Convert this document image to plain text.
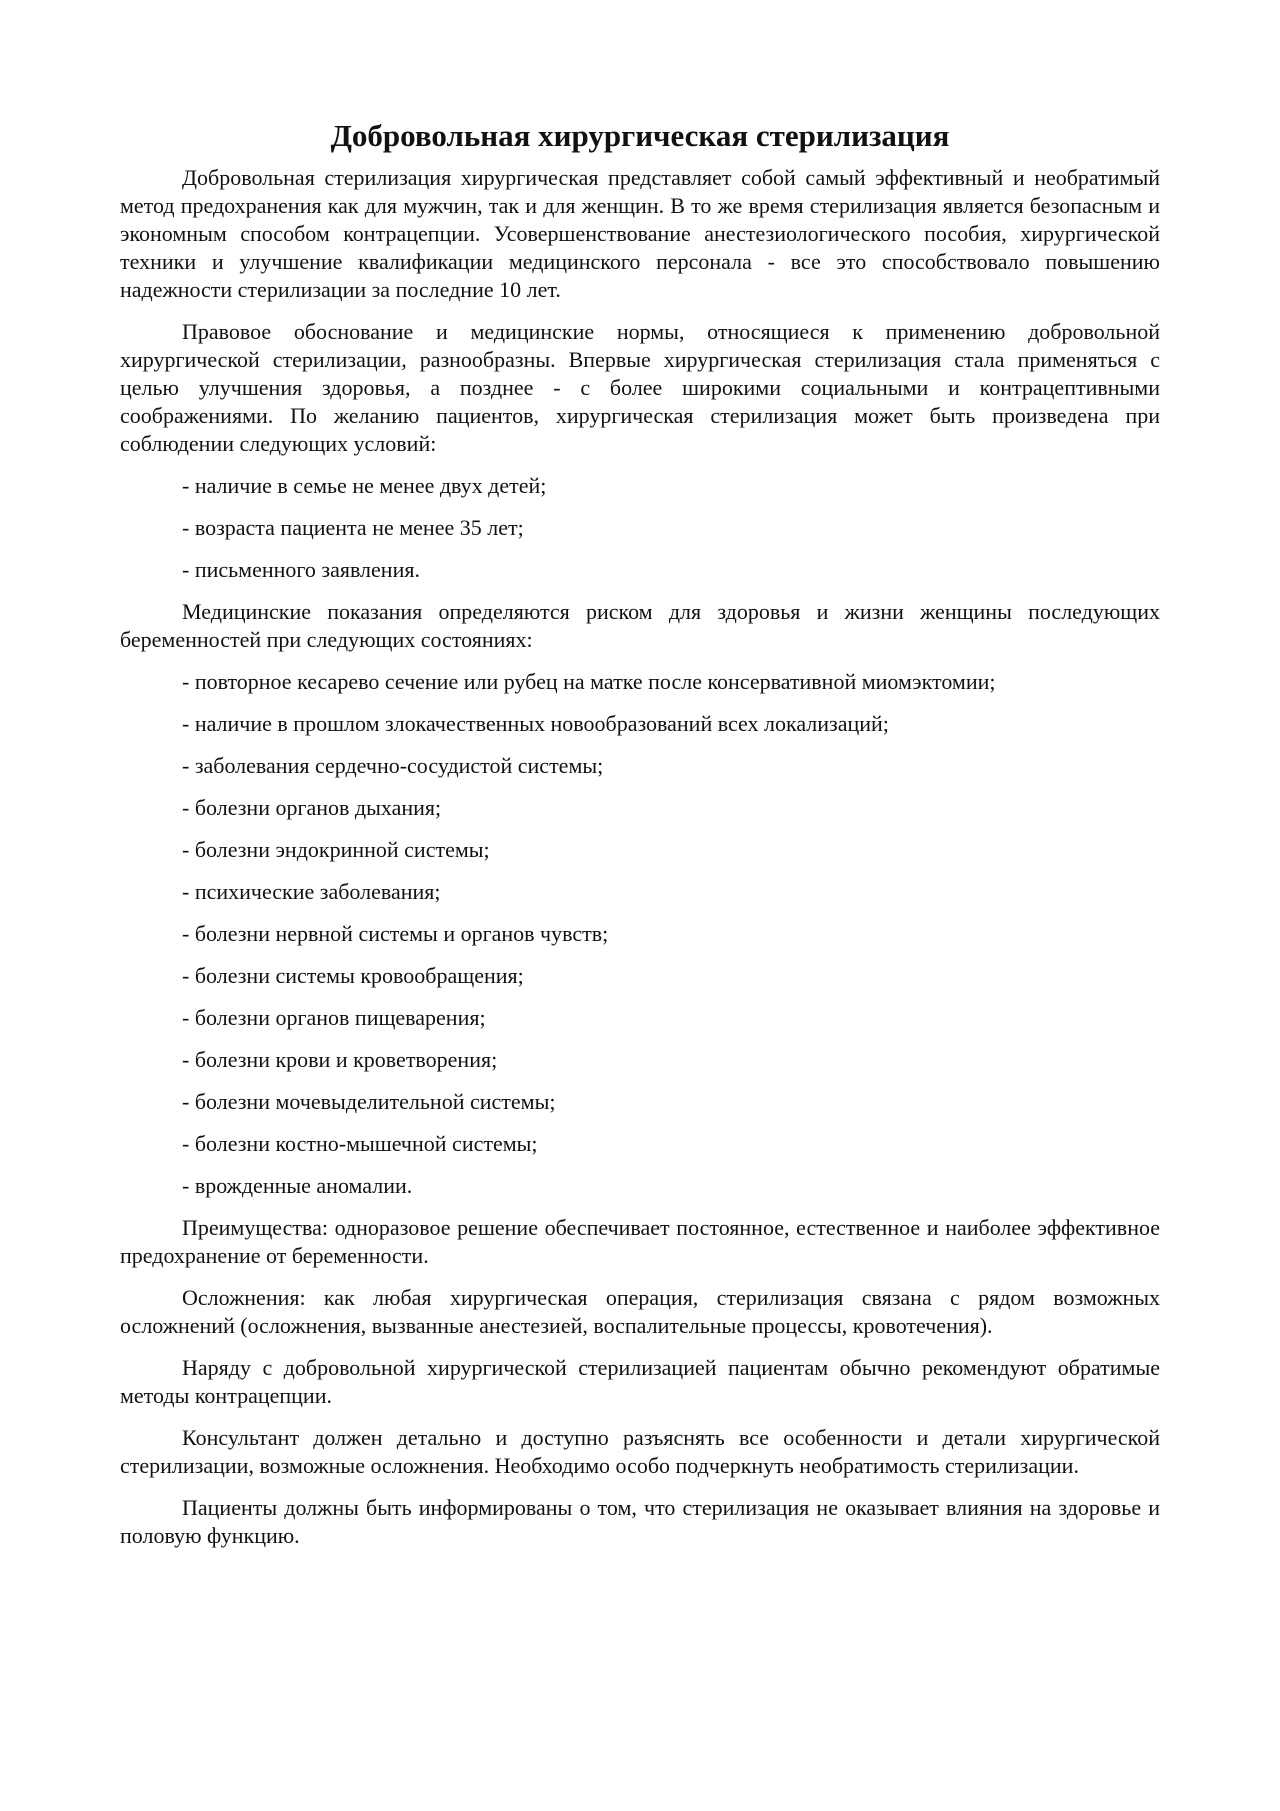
Добровольная хирургическая стерилизация

Добровольная стерилизация хирургическая представляет собой самый эффективный и необратимый метод предохранения как для мужчин, так и для женщин. В то же время стерилизация является безопасным и экономным способом контрацепции. Усовершенствование анестезиологического пособия, хирургической техники и улучшение квалификации медицинского персонала - все это способствовало повышению надежности стерилизации за последние 10 лет.

Правовое обоснование и медицинские нормы, относящиеся к применению добровольной хирургической стерилизации, разнообразны. Впервые хирургическая стерилизация стала применяться с целью улучшения здоровья, а позднее - с более широкими социальными и контрацептивными соображениями. По желанию пациентов, хирургическая стерилизация может быть произведена при соблюдении следующих условий:

- наличие в семье не менее двух детей;

- возраста пациента не менее 35 лет;

- письменного заявления.

Медицинские показания определяются риском для здоровья и жизни женщины последующих беременностей при следующих состояниях:

- повторное кесарево сечение или рубец на матке после консервативной миомэктомии;

- наличие в прошлом злокачественных новообразований всех локализаций;

- заболевания сердечно-сосудистой системы;

- болезни органов дыхания;

- болезни эндокринной системы;

- психические заболевания;

- болезни нервной системы и органов чувств;

- болезни системы кровообращения;

- болезни органов пищеварения;

- болезни крови и кроветворения;

- болезни мочевыделительной системы;

- болезни костно-мышечной системы;

- врожденные аномалии.

Преимущества: одноразовое решение обеспечивает постоянное, естественное и наиболее эффективное предохранение от беременности.

Осложнения: как любая хирургическая операция, стерилизация связана с рядом возможных осложнений (осложнения, вызванные анестезией, воспалительные процессы, кровотечения).

Наряду с добровольной хирургической стерилизацией пациентам обычно рекомендуют обратимые методы контрацепции.

Консультант должен детально и доступно разъяснять все особенности и детали хирургической стерилизации, возможные осложнения. Необходимо особо подчеркнуть необратимость стерилизации.

Пациенты должны быть информированы о том, что стерилизация не оказывает влияния на здоровье и половую функцию.
